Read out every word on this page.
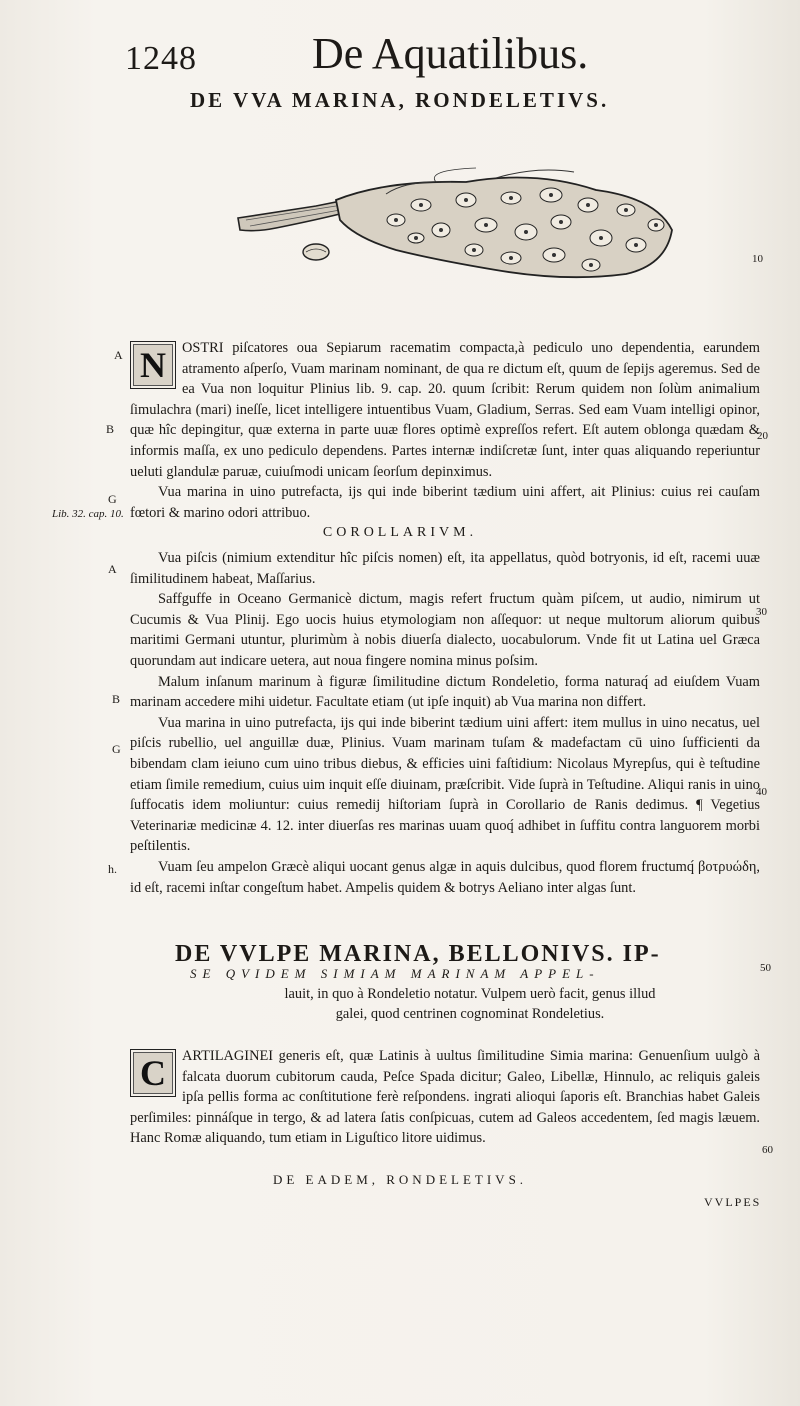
1248	De Aquatilibus.
DE VVA MARINA, RONDELETIVS.
10
A
B	20
G
Lib. 32. cap. 10.

N	OSTRI piſcatores oua Sepiarum racematim compacta,à pediculo uno dependentia, earundem atramento aſperſo, Vuam marinam nominant, de qua re dictum eſt, quum de ſepijs ageremus. Sed de ea Vua non loquitur Plinius lib. 9. cap. 20. quum ſcribit: Rerum quidem non ſolùm animalium ſimulachra (mari) ineſſe, licet intelligere intuentibus Vuam, Gladium, Serras. Sed eam Vuam intelligi opinor, quæ hîc depingitur, quæ externa in parte uuæ flores optimè expreſſos refert. Eſt autem oblonga quædam & informis maſſa, ex uno pediculo dependens. Partes internæ indiſcretæ ſunt, inter quas aliquando reperiuntur ueluti glandulæ paruæ, cuiuſmodi unicam ſeorſum depinximus.

Vua marina in uino putrefacta, ijs qui inde biberint tædium uini affert, ait Plinius: cuius rei cauſam fœtori & marino odori attribuo.

COROLLARIVM.
A
30
B
G
40
h.

Vua piſcis (nimium extenditur hîc piſcis nomen) eſt, ita appellatus, quòd botryonis, id eſt, racemi uuæ ſimilitudinem habeat, Maſſarius.

Saffguffe in Oceano Germanicè dictum, magis refert fructum quàm piſcem, ut audio, nimirum ut Cucumis & Vua Plinij. Ego uocis huius etymologiam non aſſequor: ut neque multorum aliorum quibus maritimi Germani utuntur, plurimùm à nobis diuerſa dialecto, uocabulorum. Vnde fit ut Latina uel Græca quorundam aut indicare uetera, aut noua fingere nomina minus poſsim.

Malum inſanum marinum à figuræ ſimilitudine dictum Rondeletio, forma naturaq́ ad eiuſdem Vuam marinam accedere mihi uidetur. Facultate etiam (ut ipſe inquit) ab Vua marina non differt.

Vua marina in uino putrefacta, ijs qui inde biberint tædium uini affert: item mullus in uino necatus, uel piſcis rubellio, uel anguillæ duæ, Plinius. Vuam marinam tuſam & madefactam cū uino ſufficienti da bibendam clam ieiuno cum uino tribus diebus, & efficies uini faſtidium: Nicolaus Myrepſus, qui è teſtudine etiam ſimile remedium, cuius uim inquit eſſe diuinam, præſcribit. Vide ſuprà in Teſtudine. Aliqui ranis in uino ſuffocatis idem moliuntur: cuius remedij hiſtoriam ſuprà in Corollario de Ranis dedimus. ¶ Vegetius Veterinariæ medicinæ 4. 12. inter diuerſas res marinas uuam quoq́ adhibet in ſuffitu contra languorem morbi peſtilentis.

Vuam ſeu ampelon Græcè aliqui uocant genus algæ in aquis dulcibus, quod florem fructumq́ βοτρυώδη, id eſt, racemi inſtar congeſtum habet. Ampelis quidem & botrys Aeliano inter algas ſunt.

DE VVLPE MARINA, BELLONIVS. IP-
50
SE QVIDEM SIMIAM MARINAM APPEL-
lauit, in quo à Rondeletio notatur. Vulpem uerò facit, genus illud galei, quod centrinen cognominat Rondeletius.

C	ARTILAGINEI generis eſt, quæ Latinis à uultus ſimilitudine Simia marina: Genuenſium uulgò à falcata duorum cubitorum cauda, Peſce Spada dicitur; Galeo, Libellæ, Hinnulo, ac reliquis galeis ipſa pellis forma ac conſtitutione ferè reſpondens. ingrati alioqui ſaporis eſt. Branchias habet Galeis perſimiles: pinnáſque in tergo, & ad latera ſatis conſpicuas, cutem ad Galeos accedentem, ſed magis læuem. Hanc Romæ aliquando, tum etiam in Liguſtico litore uidimus.

60
DE EADEM, RONDELETIVS.
VVLPES
